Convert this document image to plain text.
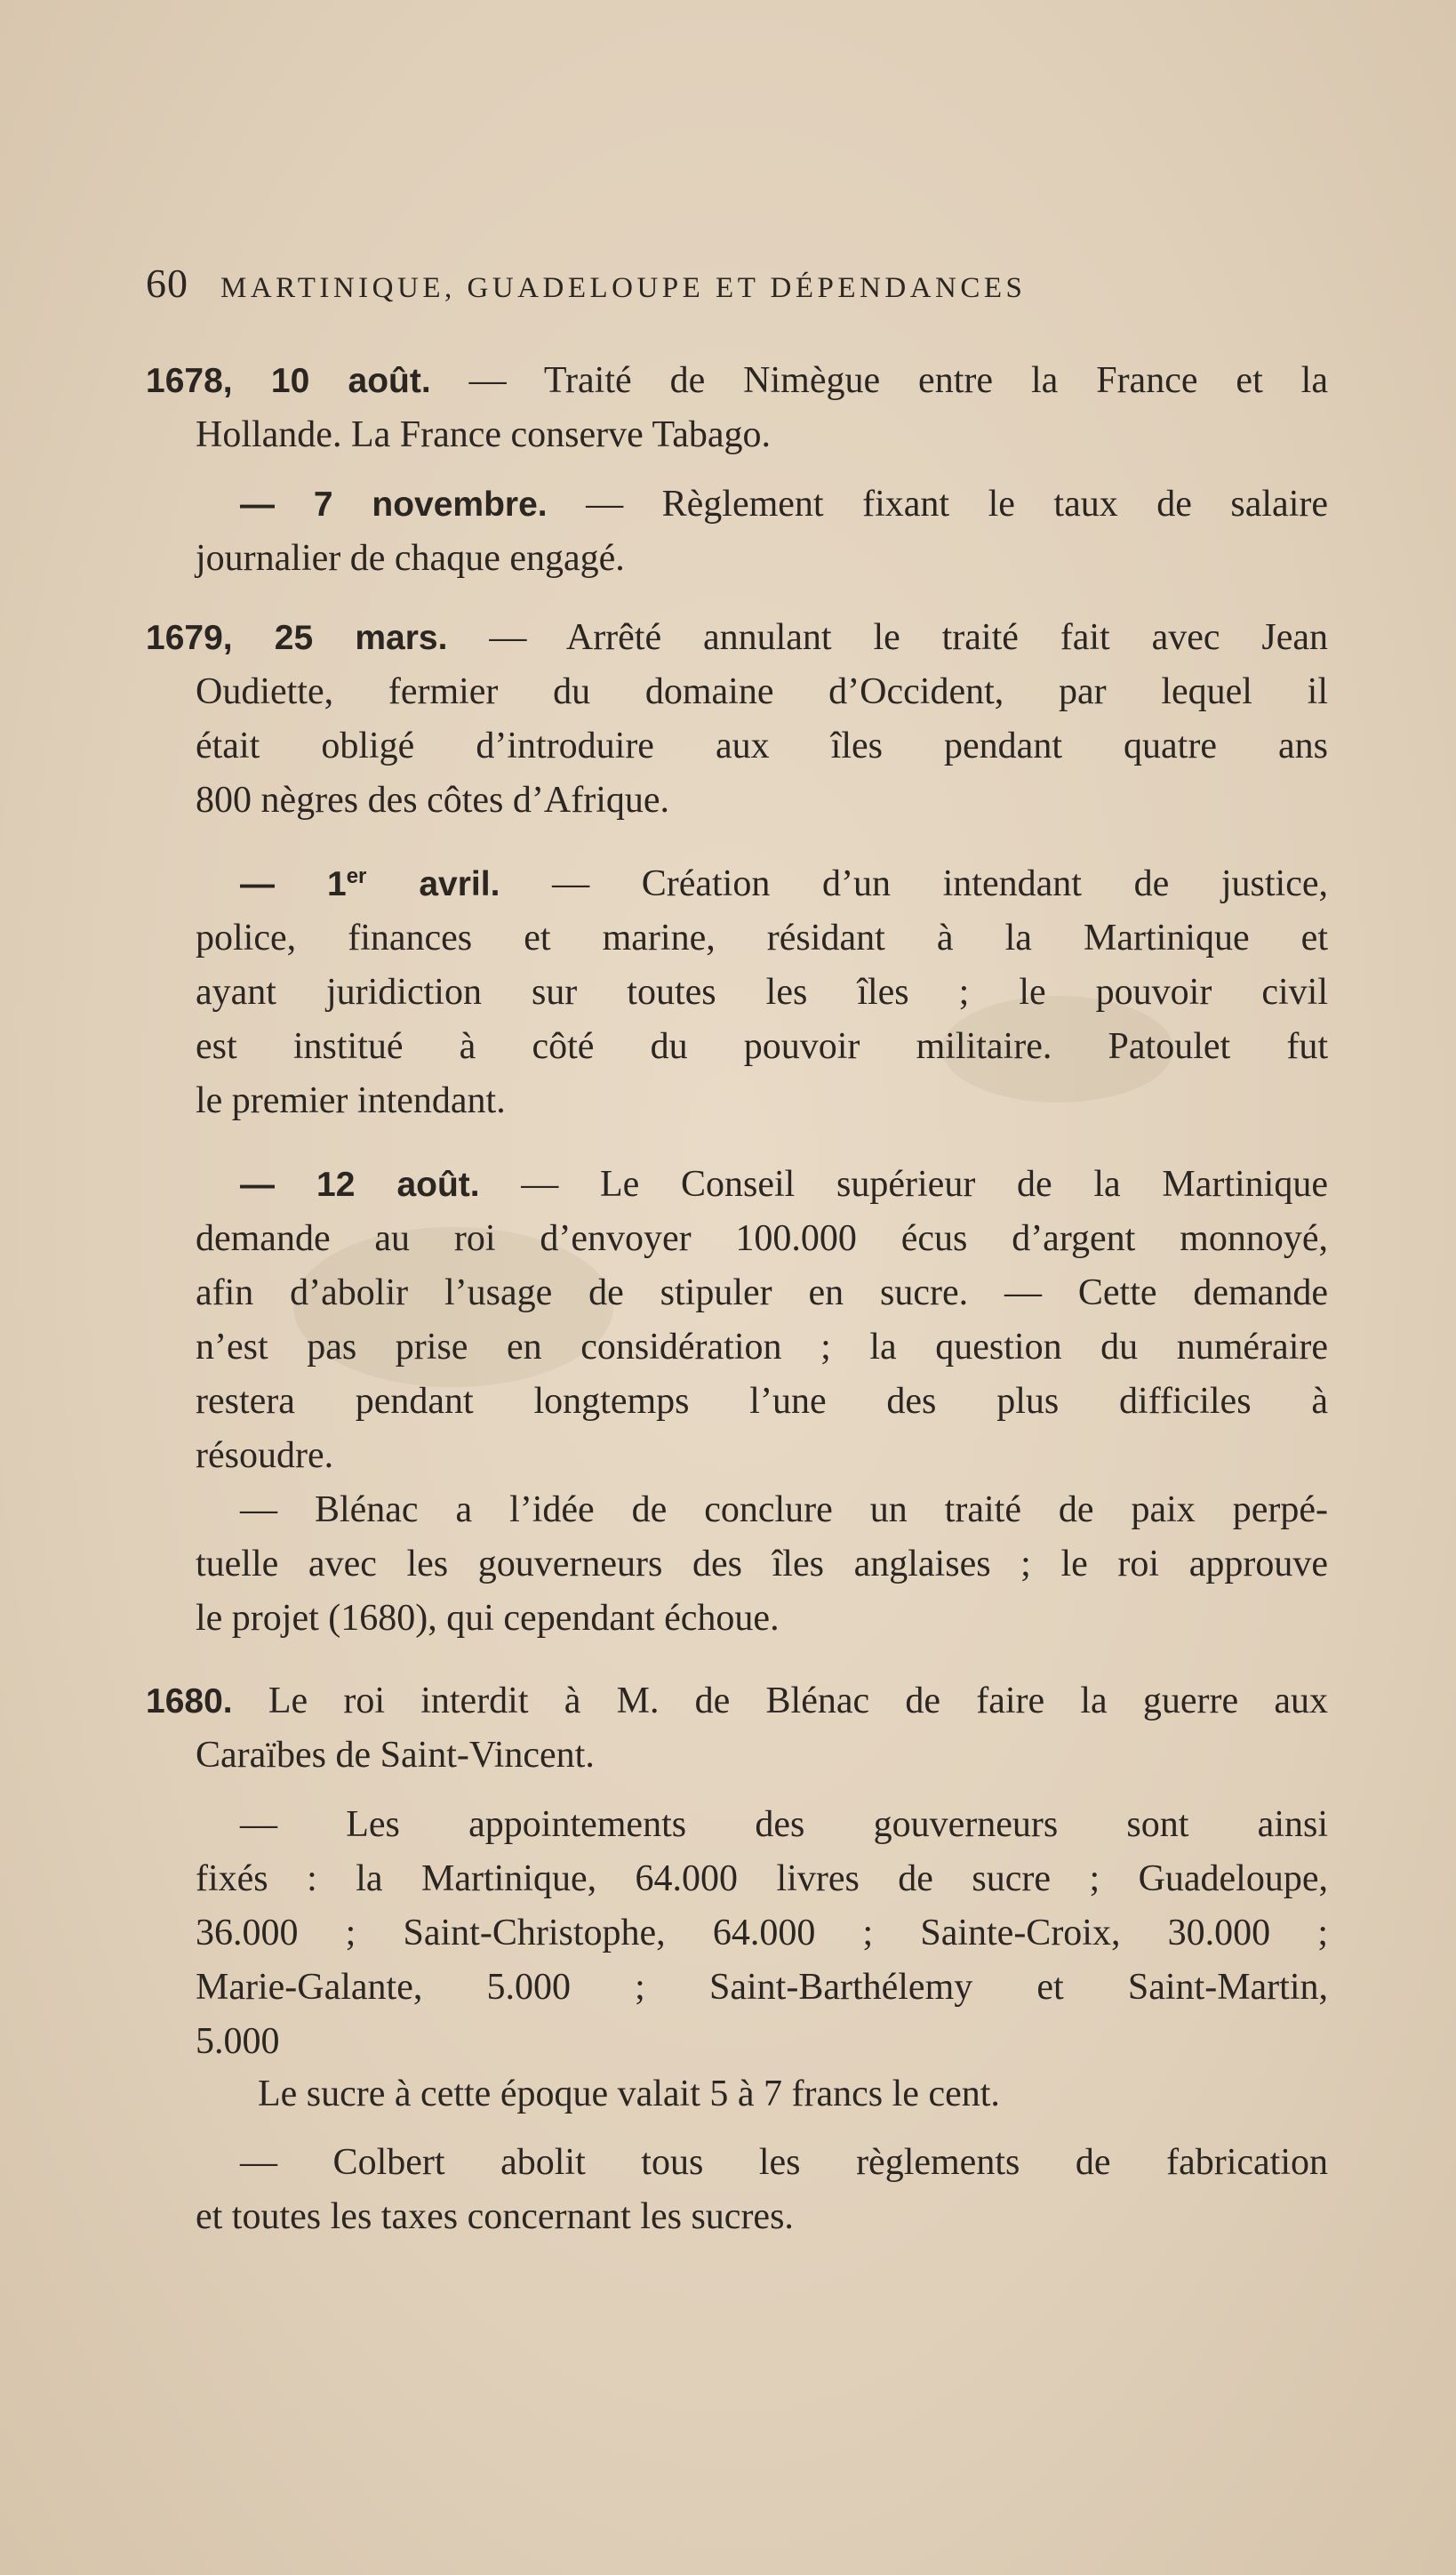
60 MARTINIQUE, GUADELOUPE ET DÉPENDANCES
1678, 10 août. — Traité de Nimègue entre la France et la
Hollande. La France conserve Tabago.
— 7 novembre. — Règlement fixant le taux de salaire
journalier de chaque engagé.
1679, 25 mars. — Arrêté annulant le traité fait avec Jean
Oudiette, fermier du domaine d’Occident, par lequel il
était obligé d’introduire aux îles pendant quatre ans
800 nègres des côtes d’Afrique.
— 1er avril. — Création d’un intendant de justice,
police, finances et marine, résidant à la Martinique et
ayant juridiction sur toutes les îles ; le pouvoir civil
est institué à côté du pouvoir militaire. Patoulet fut
le premier intendant.
— 12 août. — Le Conseil supérieur de la Martinique
demande au roi d’envoyer 100.000 écus d’argent monnoyé,
afin d’abolir l’usage de stipuler en sucre. — Cette demande
n’est pas prise en considération ; la question du numéraire
restera pendant longtemps l’une des plus difficiles à
résoudre.
— Blénac a l’idée de conclure un traité de paix perpé-
tuelle avec les gouverneurs des îles anglaises ; le roi approuve
le projet (1680), qui cependant échoue.
1680. Le roi interdit à M. de Blénac de faire la guerre aux
Caraïbes de Saint-Vincent.
— Les appointements des gouverneurs sont ainsi
fixés : la Martinique, 64.000 livres de sucre ; Guadeloupe,
36.000 ; Saint-Christophe, 64.000 ; Sainte-Croix, 30.000 ;
Marie-Galante, 5.000 ; Saint-Barthélemy et Saint-Martin,
5.000
Le sucre à cette époque valait 5 à 7 francs le cent.
— Colbert abolit tous les règlements de fabrication
et toutes les taxes concernant les sucres.
